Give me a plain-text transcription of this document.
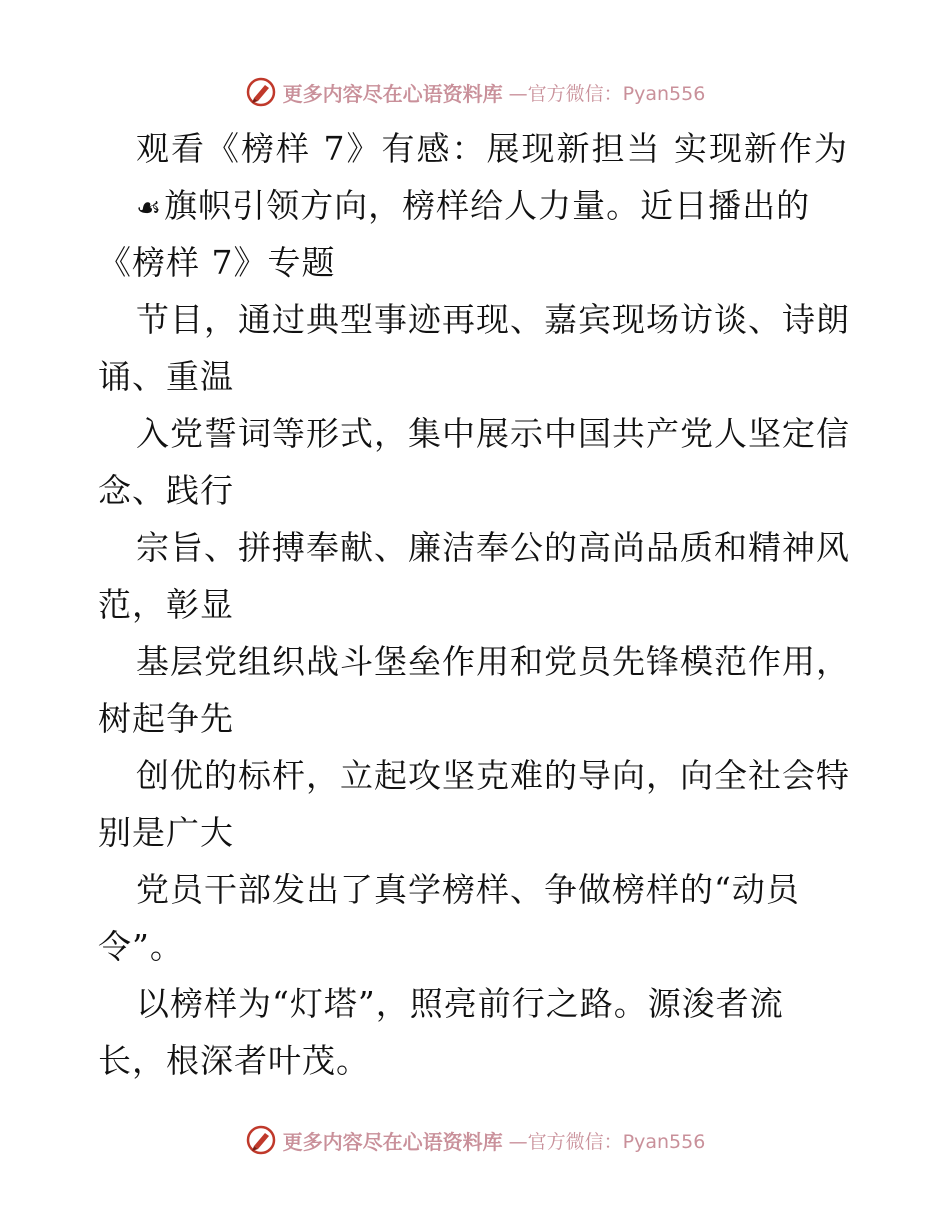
更多内容尽在心语资料库 —官方微信：Pyan556
观看《榜样 7》有感：展现新担当 实现新作为
☙旗帜引领方向，榜样给人力量。近日播出的
《榜样 7》专题
节目，通过典型事迹再现、嘉宾现场访谈、诗朗
诵、重温
入党誓词等形式，集中展示中国共产党人坚定信
念、践行
宗旨、拼搏奉献、廉洁奉公的高尚品质和精神风
范，彰显
基层党组织战斗堡垒作用和党员先锋模范作用，
树起争先
创优的标杆，立起攻坚克难的导向，向全社会特
别是广大
党员干部发出了真学榜样、争做榜样的“动员
令”。
以榜样为“灯塔”，照亮前行之路。源浚者流
长，根深者叶茂。
更多内容尽在心语资料库 —官方微信：Pyan556
